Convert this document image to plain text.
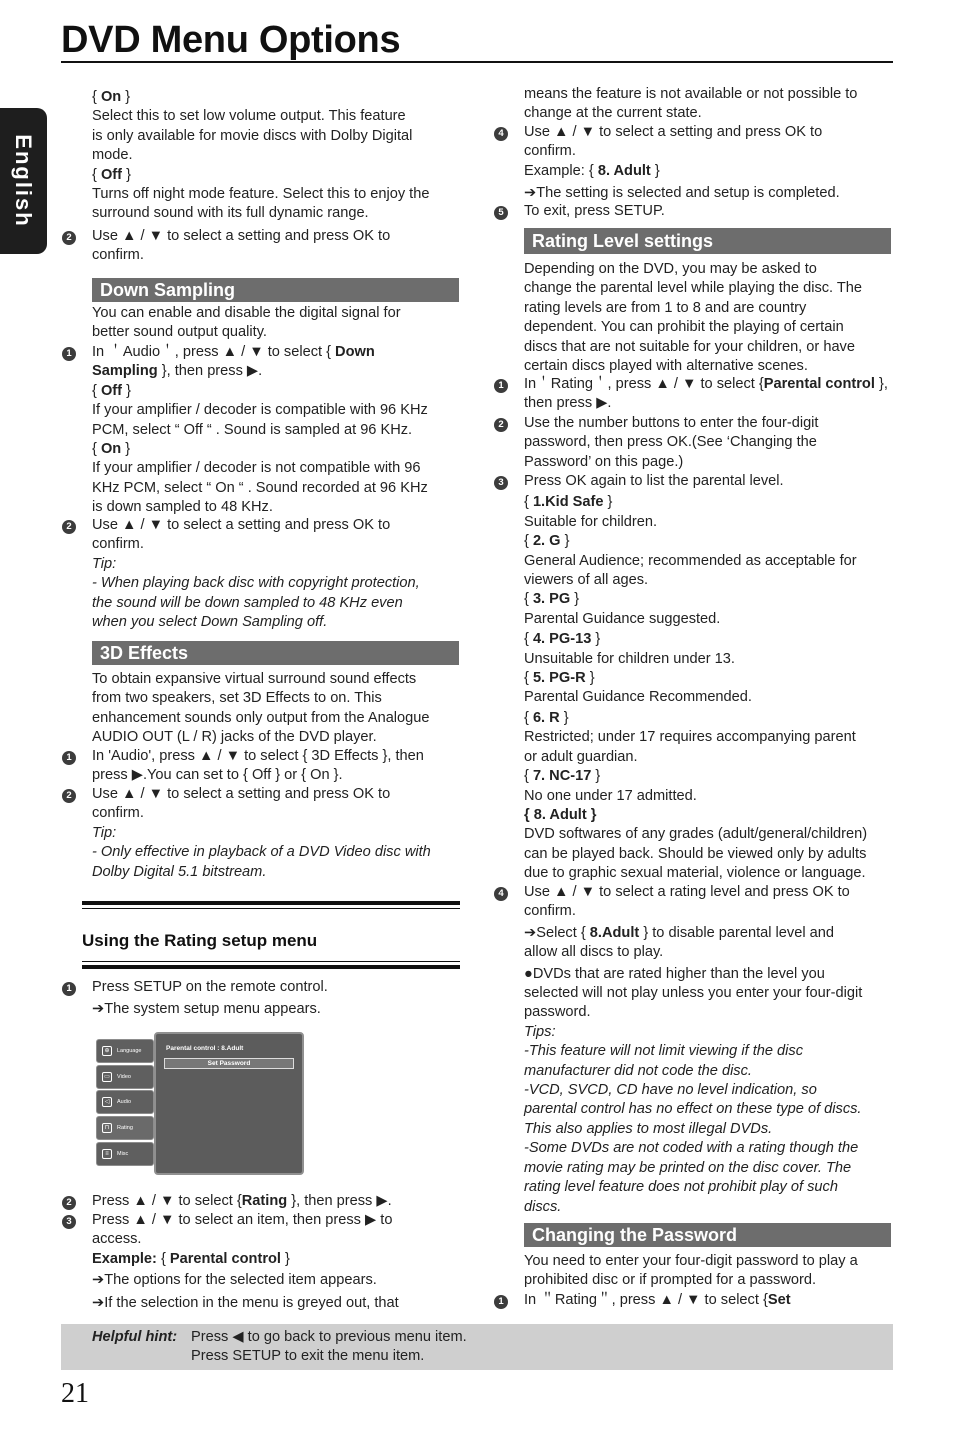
DVD Menu Options
English
{ On }
Select this to set low volume output. This feature
is only available for movie discs with Dolby Digital
mode.
{ Off }
Turns off night mode feature. Select this to enjoy the
surround sound with its full dynamic range.
2 Use ▲ / ▼ to select a setting and press OK to
confirm.
Down Sampling
You can enable and disable the digital signal for
better sound output quality.
1 In ＇Audio＇, press ▲ / ▼ to select { Down
Sampling }, then press ▶.
{ Off }
If your amplifier / decoder is compatible with 96 KHz
PCM, select “ Off “ . Sound is sampled at 96 KHz.
{ On }
If your amplifier / decoder is not compatible with 96
KHz PCM, select “ On “ . Sound recorded at 96 KHz
is down sampled to 48 KHz.
2 Use ▲ / ▼ to select a setting and press OK to
confirm.
Tip:
- When playing back disc with copyright protection,
the sound will be down sampled to 48 KHz even
when you select Down Sampling off.
3D Effects
To obtain expansive virtual surround sound effects
from two speakers, set 3D Effects to on. This
enhancement sounds only output from the Analogue
AUDIO OUT (L / R) jacks of the DVD player.
1 In 'Audio', press ▲ / ▼ to select { 3D Effects }, then
press ▶.You can set to { Off } or { On }.
2 Use ▲ / ▼ to select a setting and press OK to
confirm.
Tip:
- Only effective in playback of a DVD Video disc with
Dolby Digital 5.1 bitstream.
Using the Rating setup menu
1 Press SETUP on the remote control.
➔The system setup menu appears.
⊕	Language
▭	Video
◁	Audio
⊓	Rating
≡	Misc
Parental control : 8.Adult
Set Password
2 Press ▲ / ▼ to select {Rating }, then press ▶.
3 Press ▲ / ▼ to select an item, then press ▶ to
access.
Example: { Parental control }
➔The options for the selected item appears.
➔If the selection in the menu is greyed out, that
means the feature is not available or not possible to
change at the current state.
4 Use ▲ / ▼ to select a setting and press OK to
confirm.
Example: { 8. Adult }
➔The setting is selected and setup is completed.
5 To exit, press SETUP.
Rating Level settings
Depending on the DVD, you may be asked to
change the parental level while playing the disc. The
rating levels are from 1 to 8 and are country
dependent. You can prohibit the playing of certain
discs that are not suitable for your children, or have
certain discs played with alternative scenes.
1 In＇Rating＇, press ▲ / ▼ to select {Parental control },
then press ▶.
2 Use the number buttons to enter the four-digit
password, then press OK.(See ‘Changing the
Password’ on this page.)
3 Press OK again to list the parental level.
{ 1.Kid Safe }
Suitable for children.
{ 2. G }
General Audience; recommended as acceptable for
viewers of all ages.
{ 3. PG }
Parental Guidance suggested.
{ 4. PG-13 }
Unsuitable for children under 13.
{ 5. PG-R }
Parental Guidance Recommended.
{ 6. R }
Restricted; under 17 requires accompanying parent
or adult guardian.
{ 7. NC-17 }
No one under 17 admitted.
{ 8. Adult }
DVD softwares of any grades (adult/general/children)
can be played back. Should be viewed only by adults
due to graphic sexual material, violence or language.
4 Use ▲ / ▼ to select a rating level and press OK to
confirm.
➔Select { 8.Adult } to disable parental level and
allow all discs to play.
●DVDs that are rated higher than the level you
selected will not play unless you enter your four-digit
password.
Tips:
-This feature will not limit viewing if the disc
manufacturer did not code the disc.
-VCD, SVCD, CD have no level indication, so
parental control has no effect on these type of discs.
This also applies to most illegal DVDs.
-Some DVDs are not coded with a rating though the
movie rating may be printed on the disc cover. The
rating level feature does not prohibit play of such
discs.
Changing the Password
You need to enter your four-digit password to play a
prohibited disc or if prompted for a password.
1 In ＂Rating＂, press ▲ / ▼ to select {Set
Helpful hint: Press ◀ to go back to previous menu item.
Press SETUP to exit the menu item.
21
